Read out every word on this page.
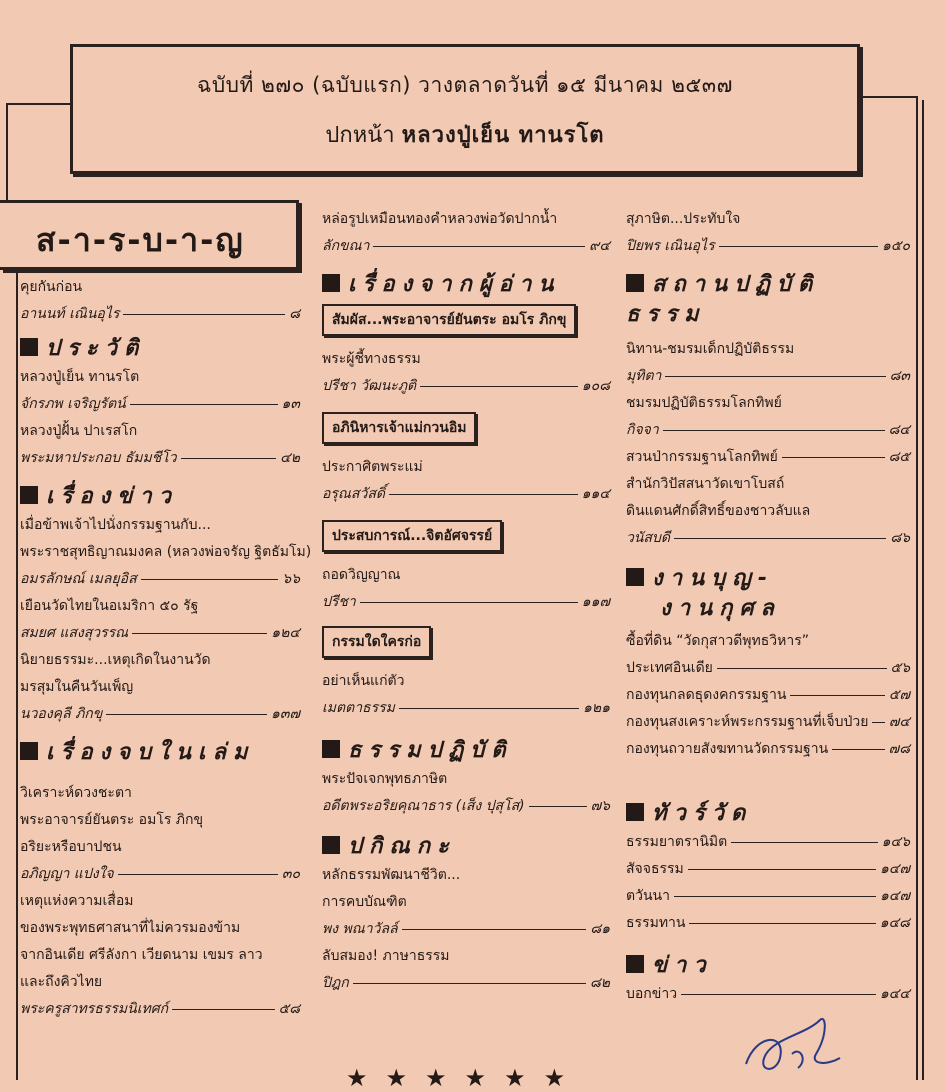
ฉบับที่ ๒๗๐ (ฉบับแรก) วางตลาดวันที่ ๑๕ มีนาคม ๒๕๓๗
ปกหน้า หลวงปู่เย็น ทานรโต
ส-า-ร-บ-า-ญ
คุยกันก่อน
อานนท์ เณินอุไร	๘
ประวัติ
หลวงปู่เย็น ทานรโต
จักรภพ เจริญรัตน์	๑๓
หลวงปู่ฝั้น ปาเรสโก
พระมหาประกอบ ธัมมชีโว	๔๒
เรื่องข่าว
เมื่อข้าพเจ้าไปนั่งกรรมฐานกับ...
พระราชสุทธิญาณมงคล (หลวงพ่อจรัญ ฐิตธัมโม)
อมรลักษณ์ เมลยุอิส	๖๖
เยือนวัดไทยในอเมริกา ๕๐ รัฐ
สมยศ แสงสุวรรณ	๑๒๔
นิยายธรรมะ...เหตุเกิดในงานวัด
มรสุมในคืนวันเพ็ญ
นวองคุลี ภิกขุ	๑๓๗
เรื่องจบในเล่ม
วิเคราะห์ดวงชะตา
พระอาจารย์ยันตระ อมโร ภิกขุ
อริยะหรือบาปชน
อภิญญา แปงใจ	๓๐
เหตุแห่งความเสื่อม
ของพระพุทธศาสนาที่ไม่ควรมองข้าม
จากอินเดีย ศรีลังกา เวียดนาม เขมร ลาว
และถึงคิวไทย
พระครูสาทรธรรมนิเทศก์	๕๘
หล่อรูปเหมือนทองคำหลวงพ่อวัดปากน้ำ
ลักขณา	๙๔
เรื่องจากผู้อ่าน
สัมผัส...พระอาจารย์ยันตระ อมโร ภิกขุ
พระผู้ชี้ทางธรรม
ปรีชา วัฒนะภูติ	๑๐๘
อภินิหารเจ้าแม่กวนอิม
ประกาศิตพระแม่
อรุณสวัสดิ์	๑๑๔
ประสบการณ์...จิตอัศจรรย์
ถอดวิญญาณ
ปรีชา	๑๑๗
กรรมใดใครก่อ
อย่าเห็นแก่ตัว
เมตตาธรรม	๑๒๑
ธรรมปฏิบัติ
พระปัจเจกพุทธภาษิต
อดีตพระอริยคุณาธาร (เส็ง ปุสุโส)	๗๖
ปกิณกะ
หลักธรรมพัฒนาชีวิต...
การคบบัณฑิต
พง พณาวัลล์	๘๑
ลับสมอง! ภาษาธรรม
ปิฎก	๘๒
สุภาษิต...ประทับใจ
ปิยพร เณินอุไร	๑๕๐
สถานปฏิบัติ
ธรรม
นิทาน-ชมรมเด็กปฏิบัติธรรม
มุทิตา	๘๓
ชมรมปฏิบัติธรรมโลกทิพย์
กิจจา	๘๔
สวนป่ากรรมฐานโลกทิพย์	๘๕
สำนักวิปัสสนาวัดเขาโบสถ์
ดินแดนศักดิ์สิทธิ์ของชาวลับแล
วนัสบดี	๘๖
งานบุญ-
งานกุศล
ซื้อที่ดิน “วัดกุสาวดีพุทธวิหาร”
ประเทศอินเดีย	๕๖
กองทุนกลดธุดงคกรรมฐาน	๕๗
กองทุนสงเคราะห์พระกรรมฐานที่เจ็บป่วย ๗๔
กองทุนถวายสังฆทานวัดกรรมฐาน	๗๘
ทัวร์วัด
ธรรมยาตรานิมิต	๑๔๖
สัจจธรรม	๑๔๗
ตวันนา	๑๔๗
ธรรมทาน	๑๔๘
ข่าว
บอกข่าว	๑๔๔
★★★★★★
